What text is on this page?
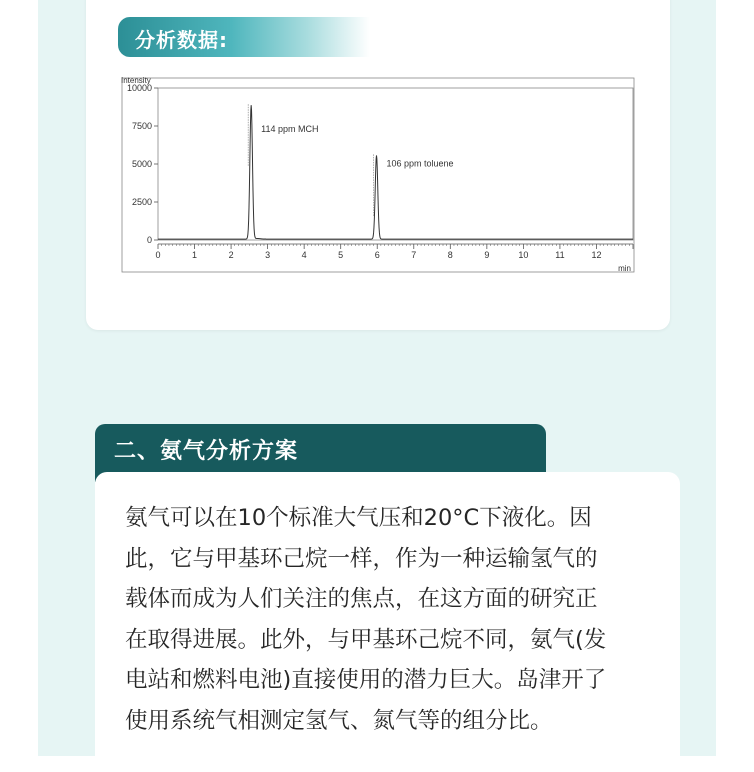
分析数据:
Intensity
0
2500
5000
7500
10000
0	1	2	3	4	5	6	7	8	9	10	11	12
min
114 ppm MCH
106 ppm toluene
二、氨气分析方案
氨气可以在10个标准大气压和20°C下液化。因
此，它与甲基环己烷一样，作为一种运输氢气的
载体而成为人们关注的焦点，在这方面的研究正
在取得进展。此外，与甲基环己烷不同，氨气(发
电站和燃料电池)直接使用的潜力巨大。岛津开了
使用系统气相测定氢气、氮气等的组分比。
